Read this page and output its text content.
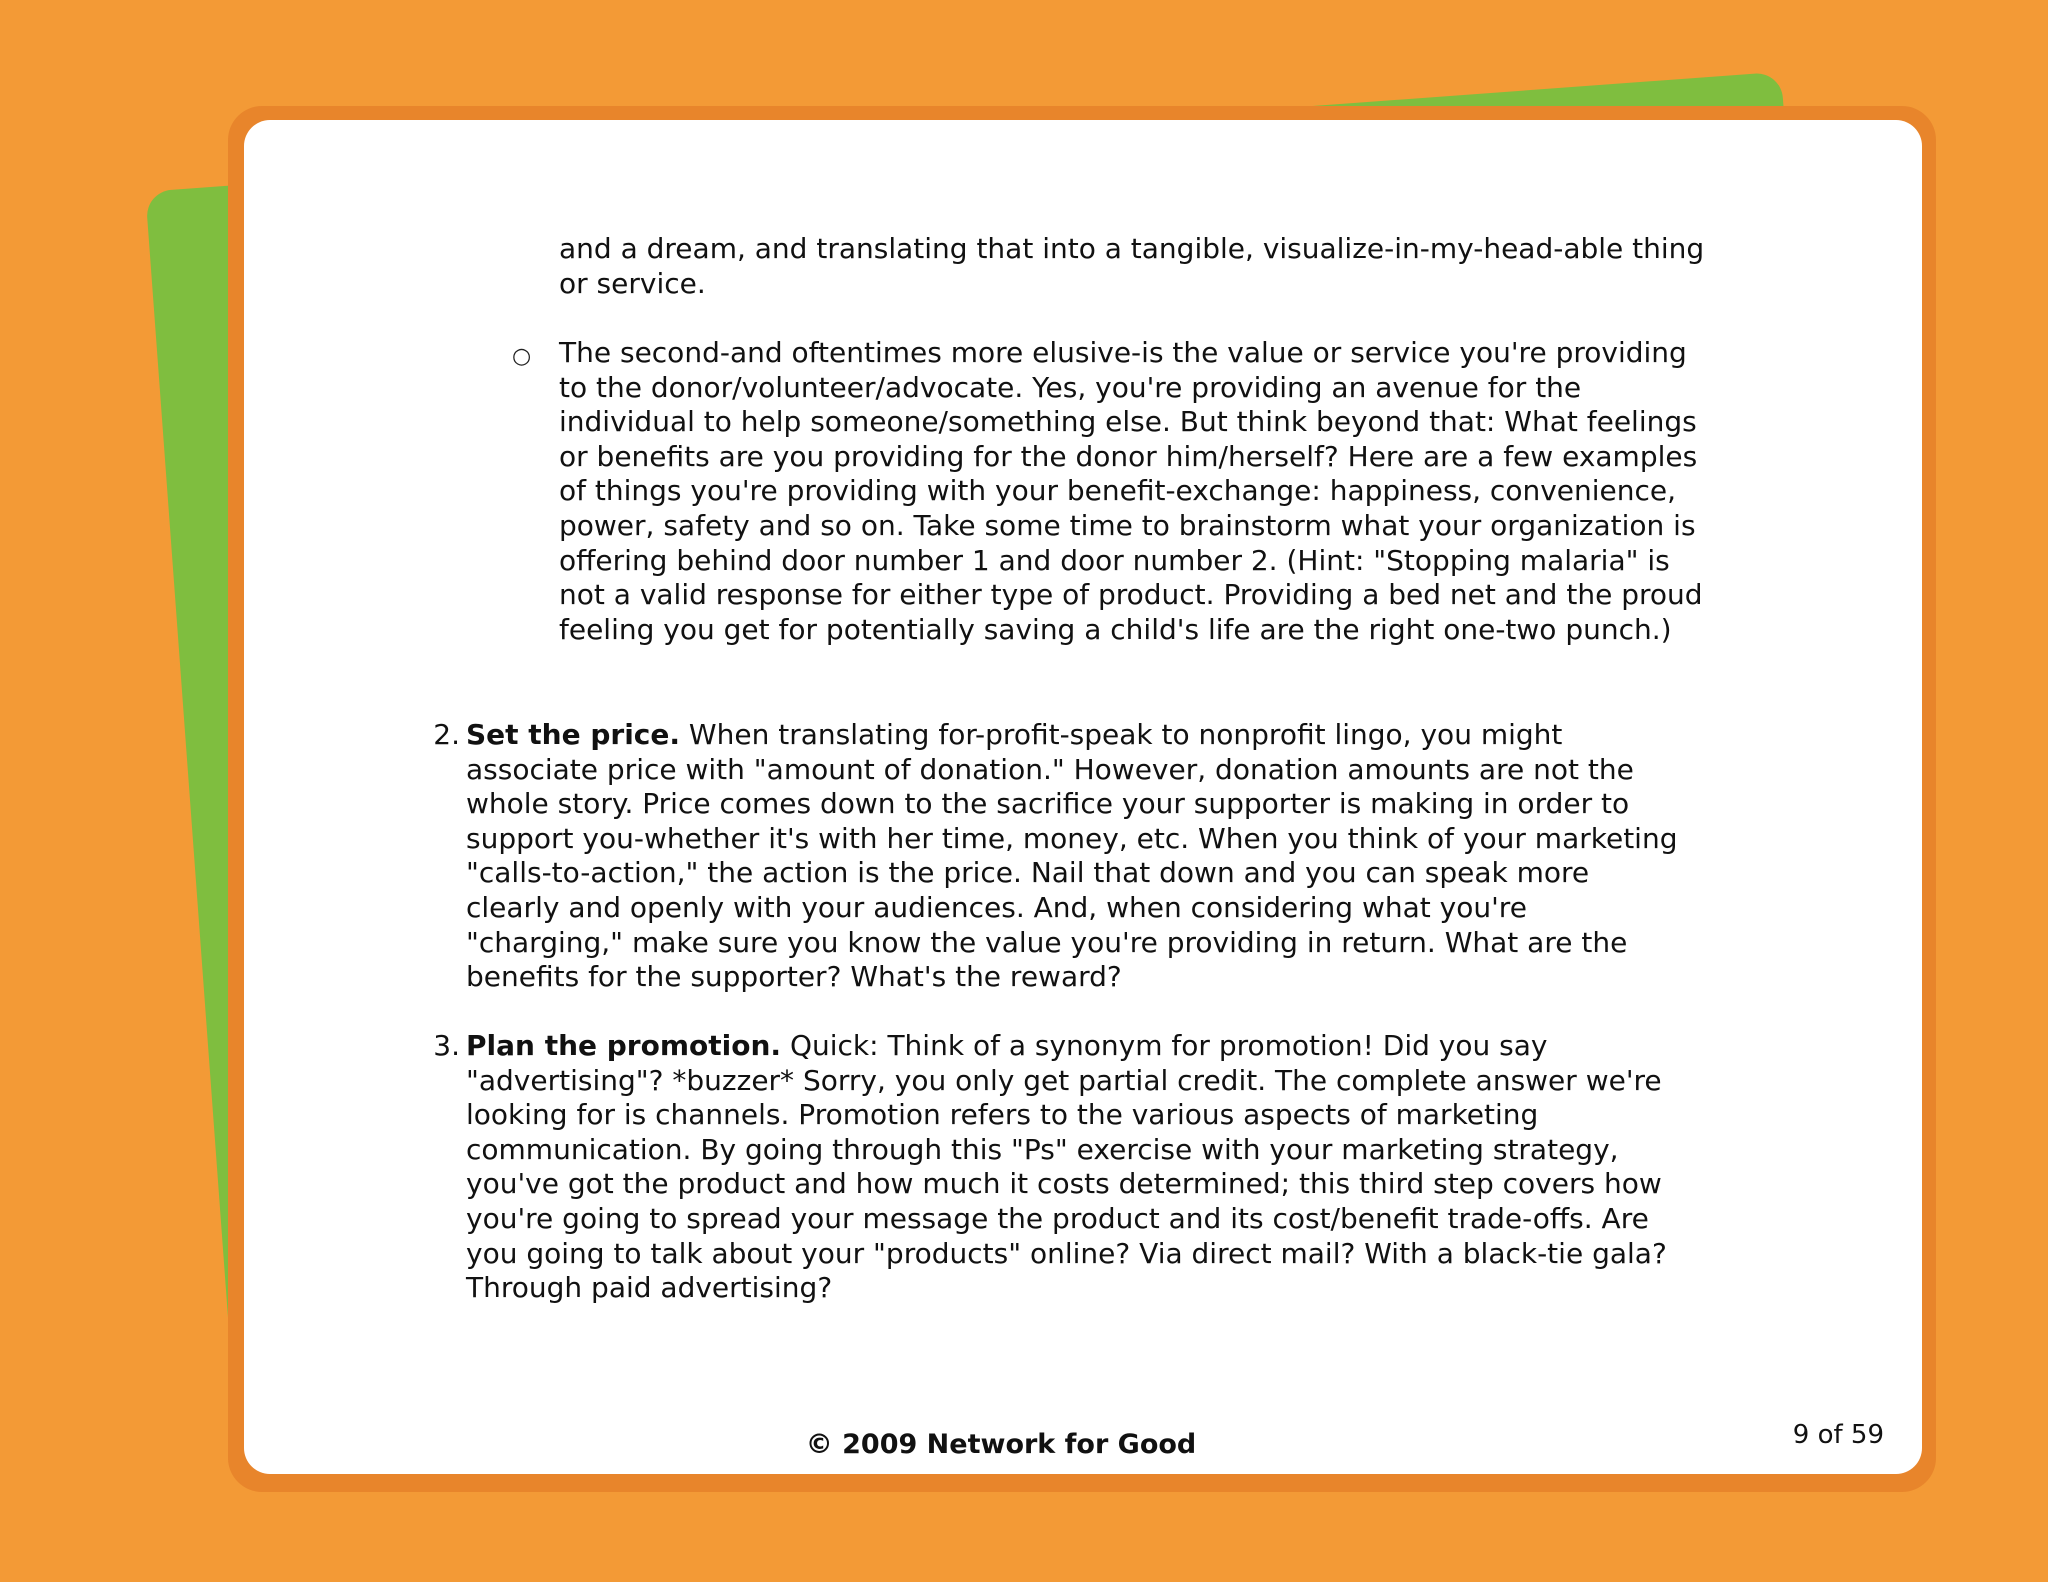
and a dream, and translating that into a tangible, visualize-in-my-head-able thing or service.

○ The second-and oftentimes more elusive-is the value or service you're providing to the donor/volunteer/advocate. Yes, you're providing an avenue for the individual to help someone/something else. But think beyond that: What feelings or benefits are you providing for the donor him/herself? Here are a few examples of things you're providing with your benefit-exchange: happiness, convenience, power, safety and so on. Take some time to brainstorm what your organization is offering behind door number 1 and door number 2. (Hint: "Stopping malaria" is not a valid response for either type of product. Providing a bed net and the proud feeling you get for potentially saving a child's life are the right one-two punch.)

2. Set the price. When translating for-profit-speak to nonprofit lingo, you might associate price with "amount of donation." However, donation amounts are not the whole story. Price comes down to the sacrifice your supporter is making in order to support you-whether it's with her time, money, etc. When you think of your marketing "calls-to-action," the action is the price. Nail that down and you can speak more clearly and openly with your audiences. And, when considering what you're "charging," make sure you know the value you're providing in return. What are the benefits for the supporter? What's the reward?

3. Plan the promotion. Quick: Think of a synonym for promotion! Did you say "advertising"? *buzzer* Sorry, you only get partial credit. The complete answer we're looking for is channels. Promotion refers to the various aspects of marketing communication. By going through this "Ps" exercise with your marketing strategy, you've got the product and how much it costs determined; this third step covers how you're going to spread your message the product and its cost/benefit trade-offs. Are you going to talk about your "products" online? Via direct mail? With a black-tie gala? Through paid advertising?

© 2009 Network for Good	9 of 59
